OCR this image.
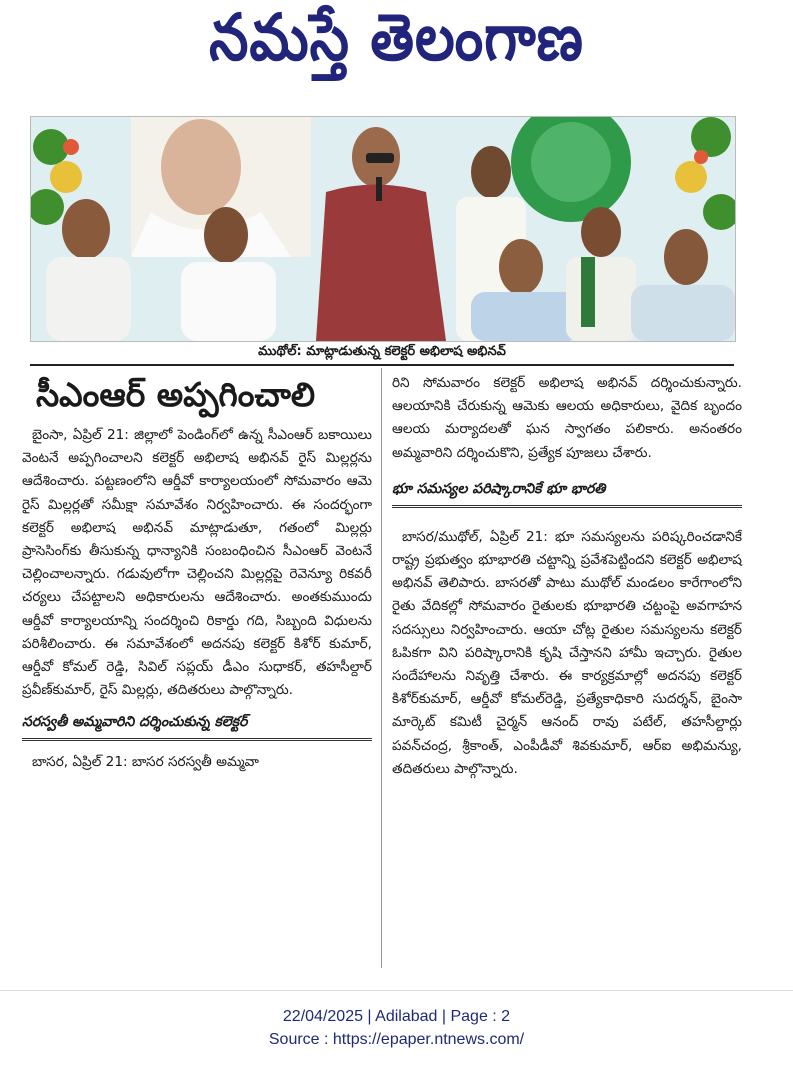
నమస్తే తెలంగాణ
ముథోల్: మాట్లాడుతున్న కలెక్టర్ అభిలాష అభినవ్
సీఎంఆర్ అప్పగించాలి

బైంసా, ఏప్రిల్ 21: జిల్లాలో పెండింగ్‌లో ఉన్న సీఎంఆర్ బకాయిలు వెంటనే అప్పగించాలని కలెక్టర్ అభిలాష అభినవ్ రైస్ మిల్లర్లను ఆదేశించారు. పట్టణంలోని ఆర్డీవో కార్యాలయంలో సోమవారం ఆమె రైస్ మిల్లర్లతో సమీక్షా సమావేశం నిర్వహించారు. ఈ సందర్భంగా కలెక్టర్ అభిలాష అభినవ్ మాట్లాడుతూ, గతంలో మిల్లర్లు ప్రాసెసింగ్‌కు తీసుకున్న ధాన్యానికి సంబంధించిన సీఎంఆర్ వెంటనే చెల్లించాలన్నారు. గడువులోగా చెల్లించని మిల్లర్లపై రెవెన్యూ రికవరీ చర్యలు చేపట్టాలని అధికారులను ఆదేశించారు. అంతకుముందు ఆర్డీవో కార్యాలయాన్ని సందర్శించి రికార్డు గది, సిబ్బంది విధులను పరిశీలించారు. ఈ సమావేశంలో అదనపు కలెక్టర్ కిశోర్ కుమార్, ఆర్డీవో కోమల్ రెడ్డి, సివిల్ సప్లయ్ డీఎం సుధాకర్, తహసీల్దార్ ప్రవీణ్‌కుమార్, రైస్ మిల్లర్లు, తదితరులు పాల్గొన్నారు.

సరస్వతీ అమ్మవారిని దర్శించుకున్న కలెక్టర్

బాసర, ఏప్రిల్ 21: బాసర సరస్వతీ అమ్మవా

రిని సోమవారం కలెక్టర్ అభిలాష అభినవ్ దర్శించుకున్నారు. ఆలయానికి చేరుకున్న ఆమెకు ఆలయ అధికారులు, వైదిక బృందం ఆలయ మర్యాదలతో ఘన స్వాగతం పలికారు. అనంతరం అమ్మవారిని దర్శించుకొని, ప్రత్యేక పూజలు చేశారు.

భూ సమస్యల పరిష్కారానికే భూ భారతి

బాసర/ముథోల్, ఏప్రిల్ 21: భూ సమస్యలను పరిష్కరించడానికే రాష్ట్ర ప్రభుత్వం భూభారతి చట్టాన్ని ప్రవేశపెట్టిందని కలెక్టర్ అభిలాష అభినవ్ తెలిపారు. బాసరతో పాటు ముథోల్ మండలం కారేగాంలోని రైతు వేదికల్లో సోమవారం రైతులకు భూభారతి చట్టంపై అవగాహన సదస్సులు నిర్వహించారు. ఆయా చోట్ల రైతుల సమస్యలను కలెక్టర్ ఓపికగా విని పరిష్కారానికి కృషి చేస్తానని హామీ ఇచ్చారు. రైతుల సందేహాలను నివృత్తి చేశారు. ఈ కార్యక్రమాల్లో అదనపు కలెక్టర్ కిశోర్‌కుమార్, ఆర్డీవో కోమల్‌రెడ్డి, ప్రత్యేకాధికారి సుదర్శన్, బైంసా మార్కెట్ కమిటీ చైర్మన్ ఆనంద్ రావు పటేల్, తహసీల్దార్లు పవన్‌చంద్ర, శ్రీకాంత్, ఎంపీడీవో శివకుమార్, ఆర్ఐ అభిమన్యు, తదితరులు పాల్గొన్నారు.

22/04/2025 | Adilabad | Page : 2
Source : https://epaper.ntnews.com/
